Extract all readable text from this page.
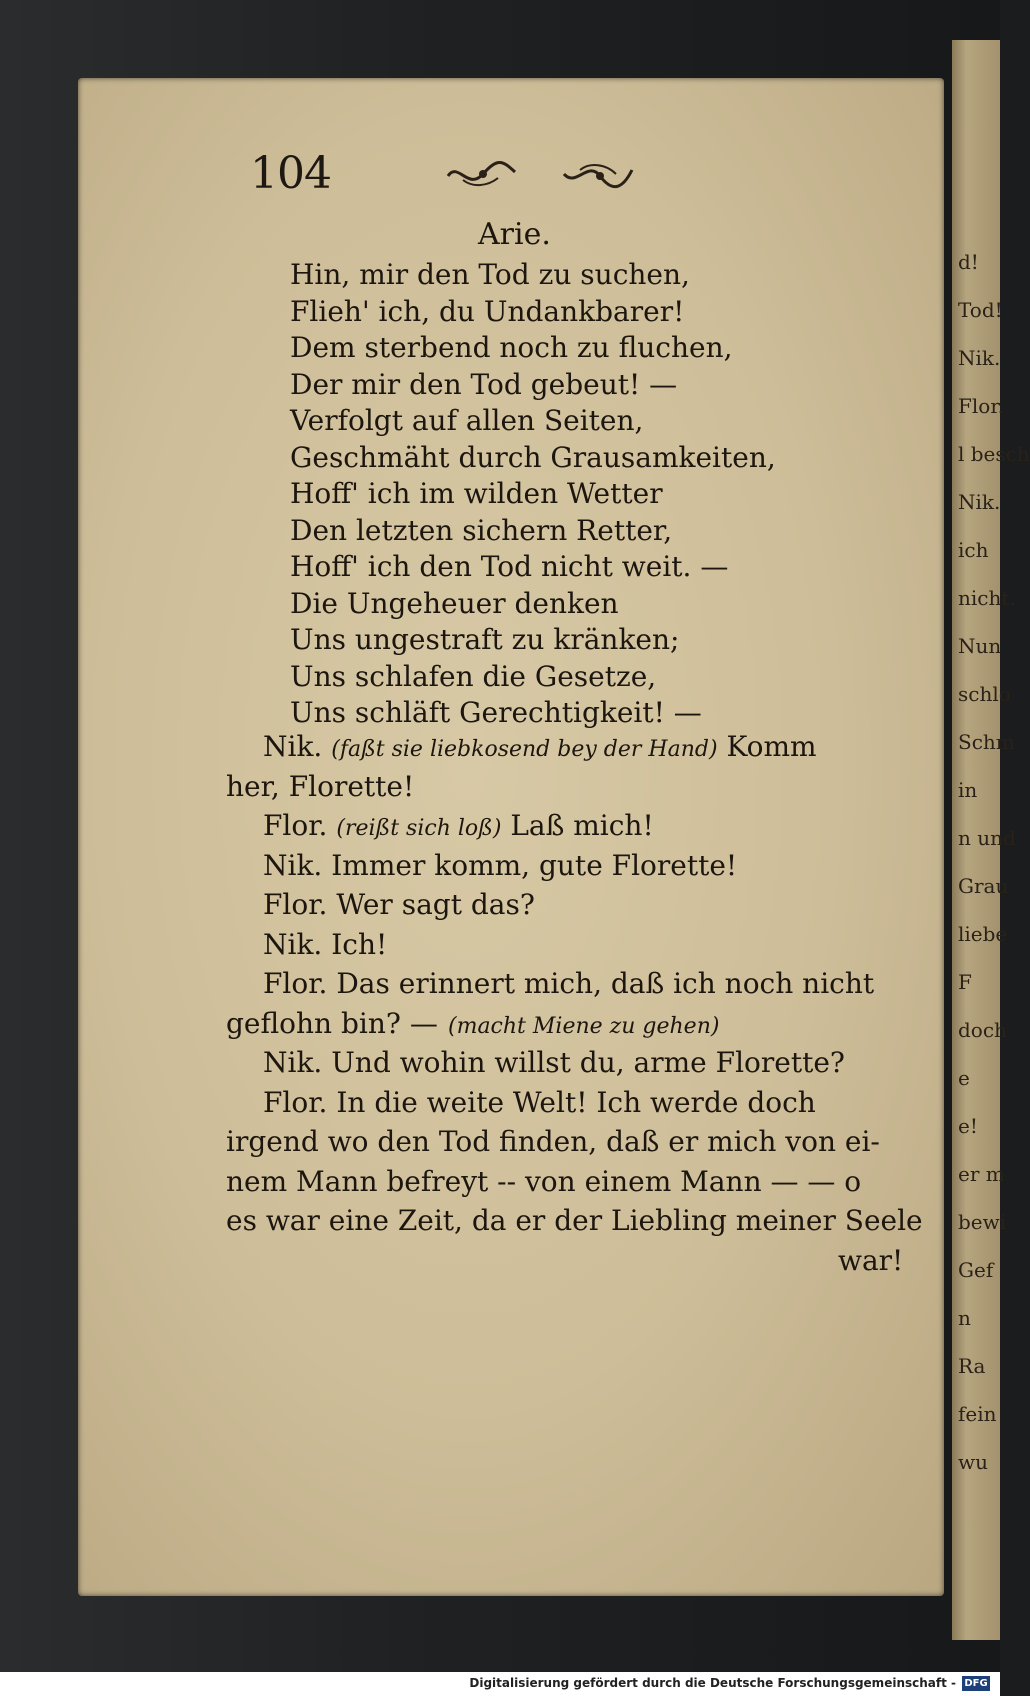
d!
Tod!
Nik.
Flor.
l besch
Nik.
ich
nicht.
Nun
schlo
Schm
in
n und
Grau
liebe
F
doch
e
e!
er m
bewi
Gef
n
Ra
fein
wu
104
Arie.
Hin, mir den Tod zu suchen,
Flieh' ich, du Undankbarer!
Dem sterbend noch zu fluchen,
Der mir den Tod gebeut! —
Verfolgt auf allen Seiten,
Geschmäht durch Grausamkeiten,
Hoff' ich im wilden Wetter
Den letzten sichern Retter,
Hoff' ich den Tod nicht weit. —
Die Ungeheuer denken
Uns ungestraft zu kränken;
Uns schlafen die Gesetze,
Uns schläft Gerechtigkeit! —
Nik. (faßt sie liebkosend bey der Hand) Komm
her, Florette!
Flor. (reißt sich loß) Laß mich!
Nik. Immer komm, gute Florette!
Flor. Wer sagt das?
Nik. Ich!
Flor. Das erinnert mich, daß ich noch nicht
geflohn bin? — (macht Miene zu gehen)
Nik. Und wohin willst du, arme Florette?
Flor. In die weite Welt! Ich werde doch
irgend wo den Tod finden, daß er mich von ei-
nem Mann befreyt -- von einem Mann — — o
es war eine Zeit, da er der Liebling meiner Seele
war!
Digitalisierung gefördert durch die Deutsche Forschungsgemeinschaft - DFG
